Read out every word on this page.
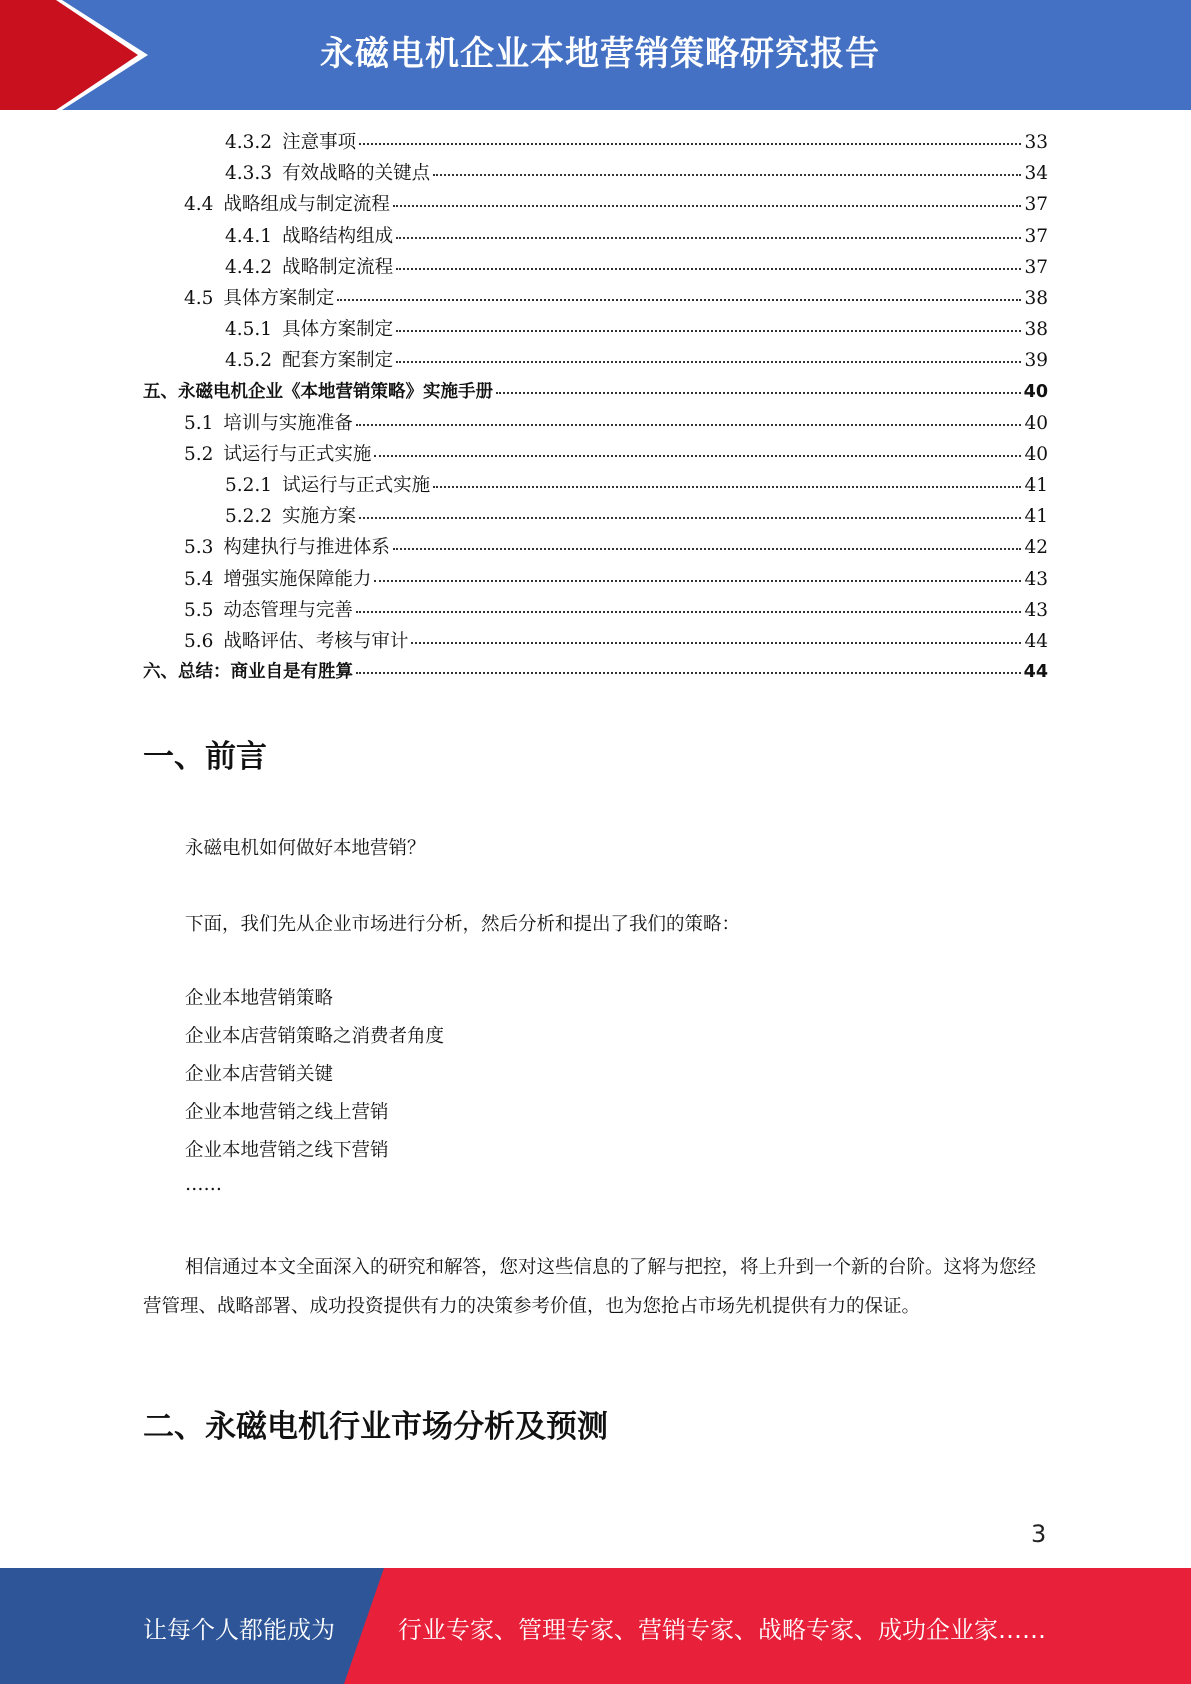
永磁电机企业本地营销策略研究报告
4.3.2 注意事项	33
4.3.3 有效战略的关键点	34
4.4 战略组成与制定流程	37
4.4.1 战略结构组成	37
4.4.2 战略制定流程	37
4.5 具体方案制定	38
4.5.1 具体方案制定	38
4.5.2 配套方案制定	39
五、永磁电机企业《本地营销策略》实施手册	40
5.1 培训与实施准备	40
5.2 试运行与正式实施	40
5.2.1 试运行与正式实施	41
5.2.2 实施方案	41
5.3 构建执行与推进体系	42
5.4 增强实施保障能力	43
5.5 动态管理与完善	43
5.6 战略评估、考核与审计	44
六、总结：商业自是有胜算	44
一、前言
永磁电机如何做好本地营销？
下面，我们先从企业市场进行分析，然后分析和提出了我们的策略：
企业本地营销策略
企业本店营销策略之消费者角度
企业本店营销关键
企业本地营销之线上营销
企业本地营销之线下营销
……
相信通过本文全面深入的研究和解答，您对这些信息的了解与把控，将上升到一个新的台阶。这将为您经营管理、战略部署、成功投资提供有力的决策参考价值，也为您抢占市场先机提供有力的保证。
二、永磁电机行业市场分析及预测
3
让每个人都能成为	行业专家、管理专家、营销专家、战略专家、成功企业家……
